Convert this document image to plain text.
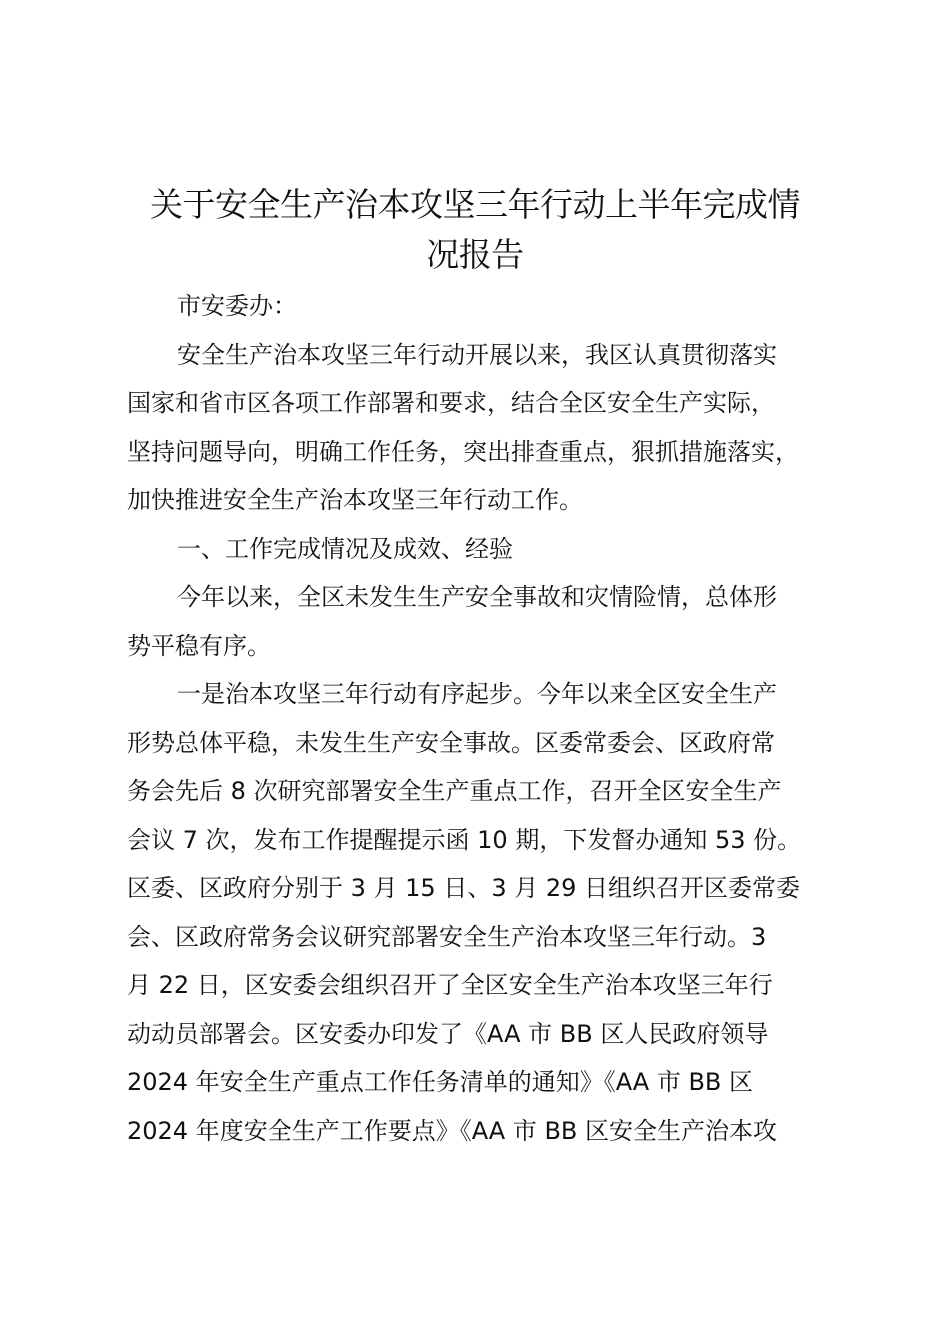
关于安全生产治本攻坚三年行动上半年完成情
况报告
市安委办：
安全生产治本攻坚三年行动开展以来，我区认真贯彻落实
国家和省市区各项工作部署和要求，结合全区安全生产实际，
坚持问题导向，明确工作任务，突出排查重点，狠抓措施落实，
加快推进安全生产治本攻坚三年行动工作。
一、工作完成情况及成效、经验
今年以来，全区未发生生产安全事故和灾情险情，总体形
势平稳有序。
一是治本攻坚三年行动有序起步。今年以来全区安全生产
形势总体平稳，未发生生产安全事故。区委常委会、区政府常
务会先后 8 次研究部署安全生产重点工作，召开全区安全生产
会议 7 次，发布工作提醒提示函 10 期，下发督办通知 53 份。
区委、区政府分别于 3 月 15 日、3 月 29 日组织召开区委常委
会、区政府常务会议研究部署安全生产治本攻坚三年行动。3
月 22 日，区安委会组织召开了全区安全生产治本攻坚三年行
动动员部署会。区安委办印发了《AA 市 BB 区人民政府领导
2024 年安全生产重点工作任务清单的通知》《AA 市 BB 区
2024 年度安全生产工作要点》《AA 市 BB 区安全生产治本攻
